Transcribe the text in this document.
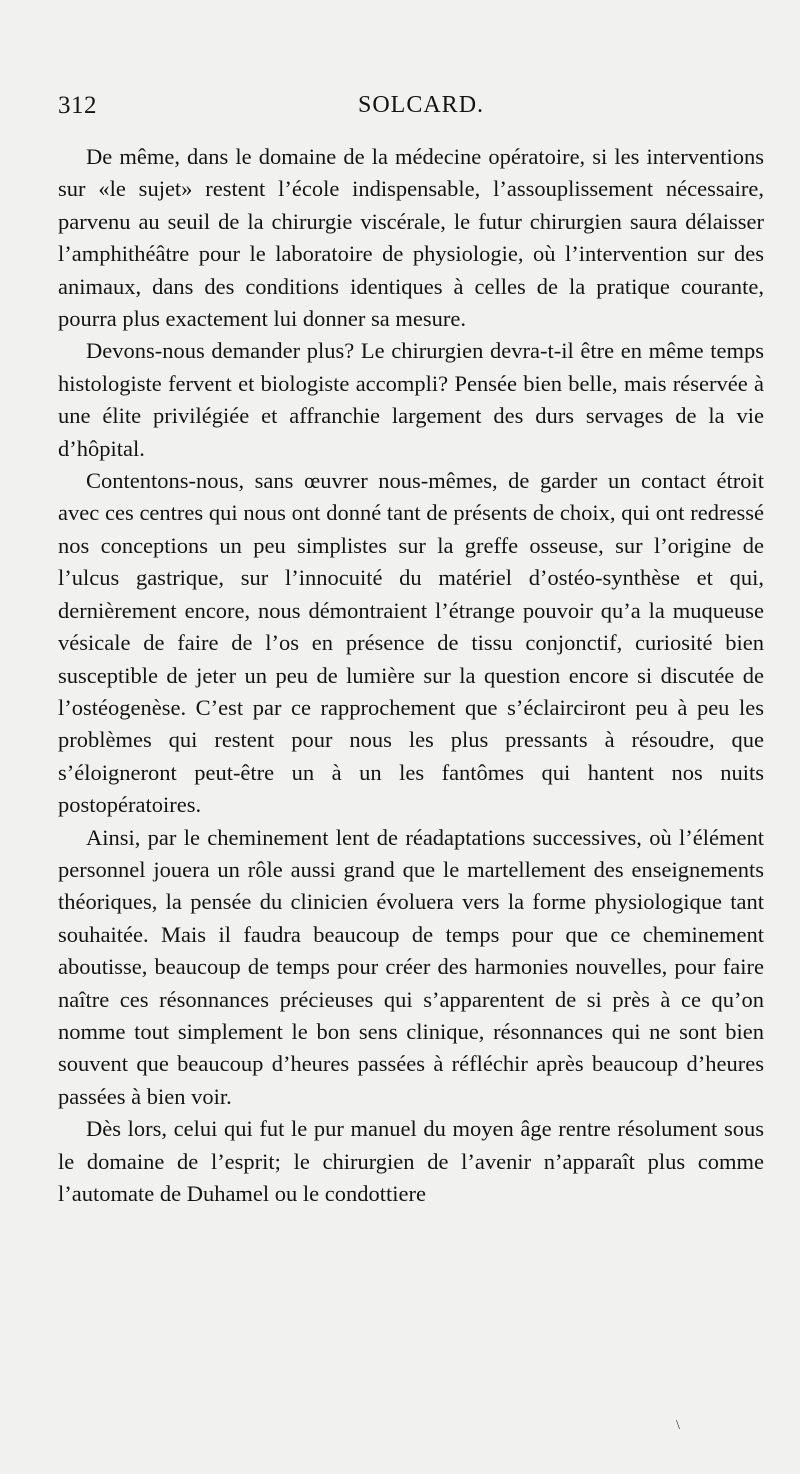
312	SOLCARD.

De même, dans le domaine de la médecine opératoire, si les interventions sur «le sujet» restent l’école indispensable, l’assouplissement nécessaire, parvenu au seuil de la chirurgie viscérale, le futur chirurgien saura délaisser l’amphithéâtre pour le laboratoire de physiologie, où l’intervention sur des animaux, dans des conditions identiques à celles de la pratique courante, pourra plus exactement lui donner sa mesure.

Devons-nous demander plus? Le chirurgien devra-t-il être en même temps histologiste fervent et biologiste accompli? Pensée bien belle, mais réservée à une élite privilégiée et affranchie largement des durs servages de la vie d’hôpital.

Contentons-nous, sans œuvrer nous-mêmes, de garder un contact étroit avec ces centres qui nous ont donné tant de présents de choix, qui ont redressé nos conceptions un peu simplistes sur la greffe osseuse, sur l’origine de l’ulcus gastrique, sur l’innocuité du matériel d’ostéo-synthèse et qui, dernièrement encore, nous démontraient l’étrange pouvoir qu’a la muqueuse vésicale de faire de l’os en présence de tissu conjonctif, curiosité bien susceptible de jeter un peu de lumière sur la question encore si discutée de l’ostéogenèse. C’est par ce rapprochement que s’éclairciront peu à peu les problèmes qui restent pour nous les plus pressants à résoudre, que s’éloigneront peut-être un à un les fantômes qui hantent nos nuits postopératoires.

Ainsi, par le cheminement lent de réadaptations successives, où l’élément personnel jouera un rôle aussi grand que le martellement des enseignements théoriques, la pensée du clinicien évoluera vers la forme physiologique tant souhaitée. Mais il faudra beaucoup de temps pour que ce cheminement aboutisse, beaucoup de temps pour créer des harmonies nouvelles, pour faire naître ces résonnances précieuses qui s’apparentent de si près à ce qu’on nomme tout simplement le bon sens clinique, résonnances qui ne sont bien souvent que beaucoup d’heures passées à réfléchir après beaucoup d’heures passées à bien voir.

Dès lors, celui qui fut le pur manuel du moyen âge rentre résolument sous le domaine de l’esprit; le chirurgien de l’avenir n’apparaît plus comme l’automate de Duhamel ou le condottiere

\
